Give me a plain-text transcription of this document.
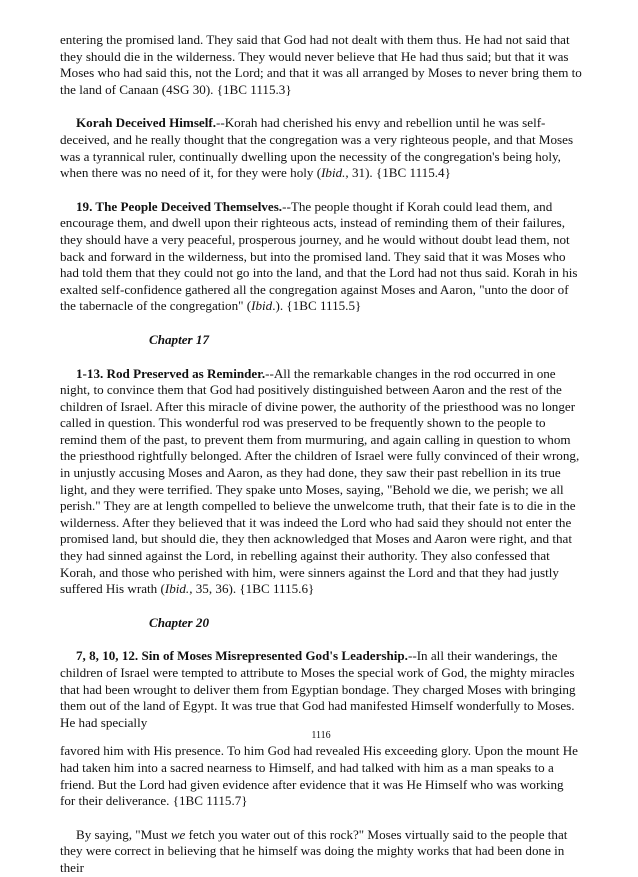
entering the promised land. They said that God had not dealt with them thus. He had not said that they should die in the wilderness. They would never believe that He had thus said; but that it was Moses who had said this, not the Lord; and that it was all arranged by Moses to never bring them to the land of Canaan (4SG 30). {1BC 1115.3}

Korah Deceived Himself.--Korah had cherished his envy and rebellion until he was self-deceived, and he really thought that the congregation was a very righteous people, and that Moses was a tyrannical ruler, continually dwelling upon the necessity of the congregation's being holy, when there was no need of it, for they were holy (Ibid., 31). {1BC 1115.4}

19. The People Deceived Themselves.--The people thought if Korah could lead them, and encourage them, and dwell upon their righteous acts, instead of reminding them of their failures, they should have a very peaceful, prosperous journey, and he would without doubt lead them, not back and forward in the wilderness, but into the promised land. They said that it was Moses who had told them that they could not go into the land, and that the Lord had not thus said. Korah in his exalted self-confidence gathered all the congregation against Moses and Aaron, "unto the door of the tabernacle of the congregation" (Ibid.). {1BC 1115.5}

Chapter 17

1-13. Rod Preserved as Reminder.--All the remarkable changes in the rod occurred in one night, to convince them that God had positively distinguished between Aaron and the rest of the children of Israel. After this miracle of divine power, the authority of the priesthood was no longer called in question. This wonderful rod was preserved to be frequently shown to the people to remind them of the past, to prevent them from murmuring, and again calling in question to whom the priesthood rightfully belonged. After the children of Israel were fully convinced of their wrong, in unjustly accusing Moses and Aaron, as they had done, they saw their past rebellion in its true light, and they were terrified. They spake unto Moses, saying, "Behold we die, we perish; we all perish." They are at length compelled to believe the unwelcome truth, that their fate is to die in the wilderness. After they believed that it was indeed the Lord who had said they should not enter the promised land, but should die, they then acknowledged that Moses and Aaron were right, and that they had sinned against the Lord, in rebelling against their authority. They also confessed that Korah, and those who perished with him, were sinners against the Lord and that they had justly suffered His wrath (Ibid., 35, 36). {1BC 1115.6}

Chapter 20

7, 8, 10, 12. Sin of Moses Misrepresented God's Leadership.--In all their wanderings, the children of Israel were tempted to attribute to Moses the special work of God, the mighty miracles that had been wrought to deliver them from Egyptian bondage. They charged Moses with bringing them out of the land of Egypt. It was true that God had manifested Himself wonderfully to Moses. He had specially

1116

favored him with His presence. To him God had revealed His exceeding glory. Upon the mount He had taken him into a sacred nearness to Himself, and had talked with him as a man speaks to a friend. But the Lord had given evidence after evidence that it was He Himself who was working for their deliverance. {1BC 1115.7}

By saying, "Must we fetch you water out of this rock?" Moses virtually said to the people that they were correct in believing that he himself was doing the mighty works that had been done in their
